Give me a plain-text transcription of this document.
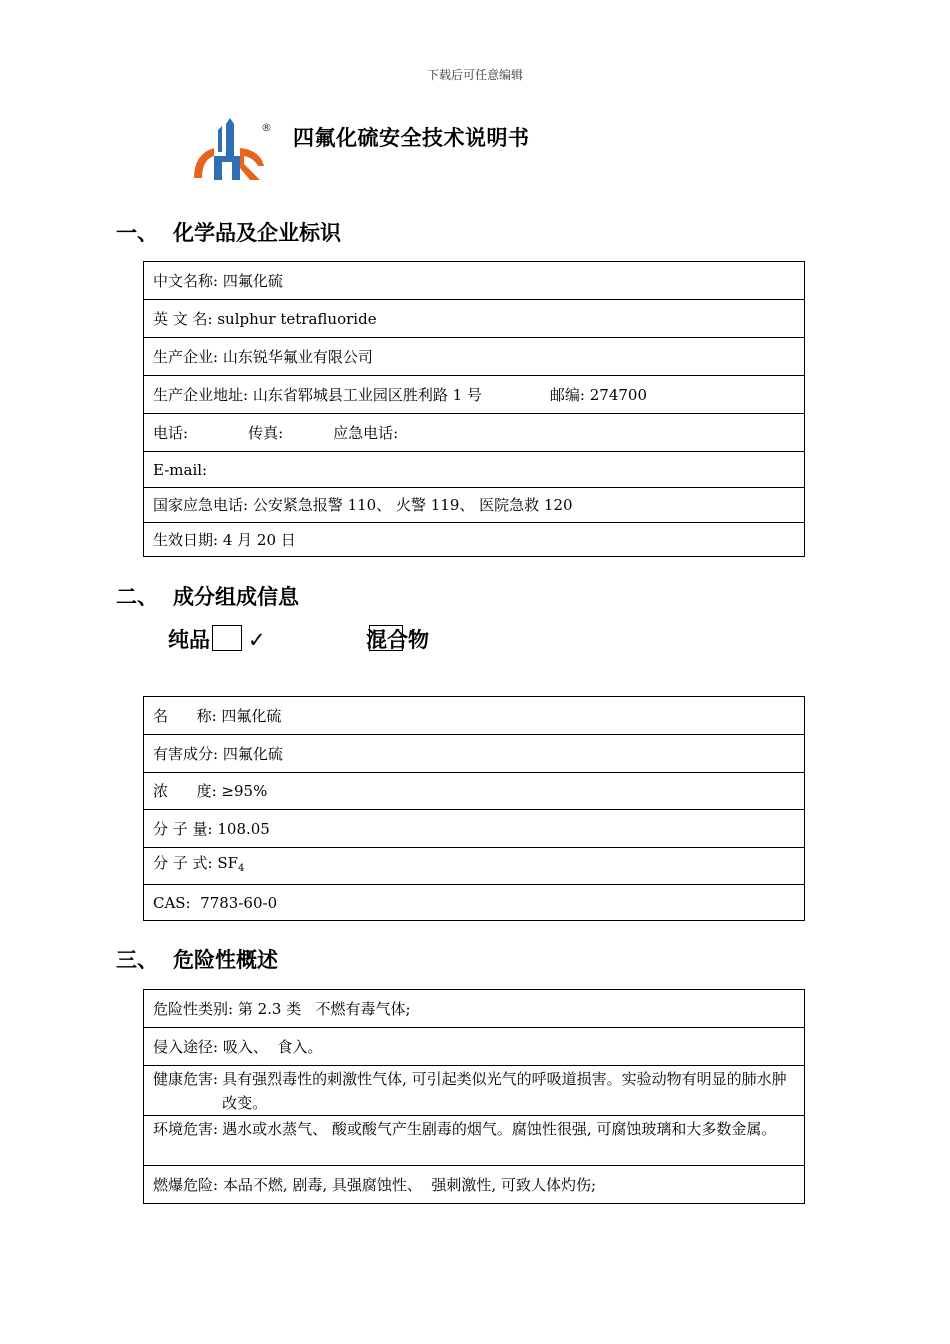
下载后可任意编辑
® 四氟化硫安全技术说明书
一、 化学品及企业标识
中文名称: 四氟化硫
英 文 名: sulphur tetrafluoride
生产企业: 山东锐华氟业有限公司
生产企业地址: 山东省郓城县工业园区胜利路 1 号	邮编: 274700
电话:	传真:	应急电话:
E-mail:
国家应急电话: 公安紧急报警 110、 火警 119、 医院急救 120
生效日期: 4 月 20 日
二、 成分组成信息
纯品 ✓	混合物
名      称: 四氟化硫
有害成分: 四氟化硫
浓      度: ≥95%
分 子 量: 108.05
分 子 式: $SF_4$
CAS:  7783-60-0
三、 危险性概述
危险性类别: 第 2.3 类   不燃有毒气体;
侵入途径: 吸入、  食入。

健康危害: 具有强烈毒性的刺激性气体, 可引起类似光气的呼吸道损害。实验动物有明显的肺水肿改变。

环境危害: 遇水或水蒸气、 酸或酸气产生剧毒的烟气。腐蚀性很强, 可腐蚀玻璃和大多数金属。

燃爆危险: 本品不燃, 剧毒, 具强腐蚀性、  强刺激性, 可致人体灼伤;
